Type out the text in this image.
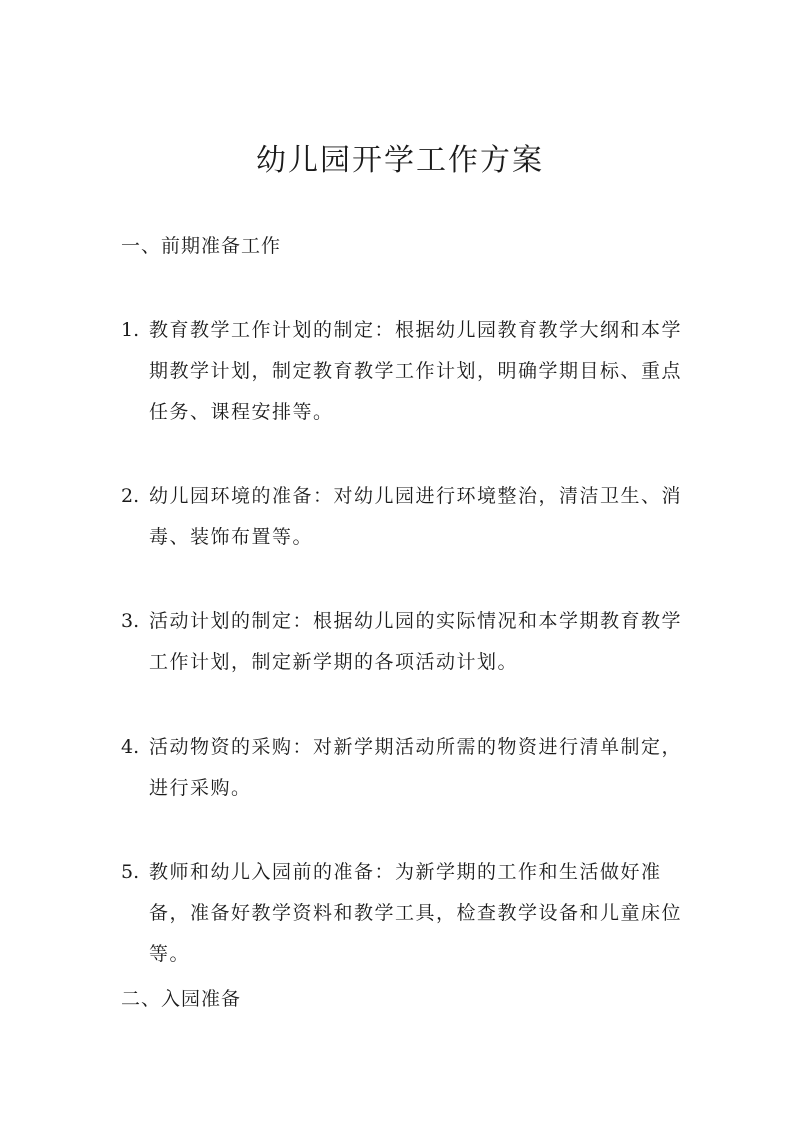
幼儿园开学工作方案
一、前期准备工作
1. 教育教学工作计划的制定：根据幼儿园教育教学大纲和本学期教学计划，制定教育教学工作计划，明确学期目标、重点任务、课程安排等。
2. 幼儿园环境的准备：对幼儿园进行环境整治，清洁卫生、消毒、装饰布置等。
3. 活动计划的制定：根据幼儿园的实际情况和本学期教育教学工作计划，制定新学期的各项活动计划。
4. 活动物资的采购：对新学期活动所需的物资进行清单制定，进行采购。
5. 教师和幼儿入园前的准备：为新学期的工作和生活做好准备，准备好教学资料和教学工具，检查教学设备和儿童床位等。
二、入园准备
